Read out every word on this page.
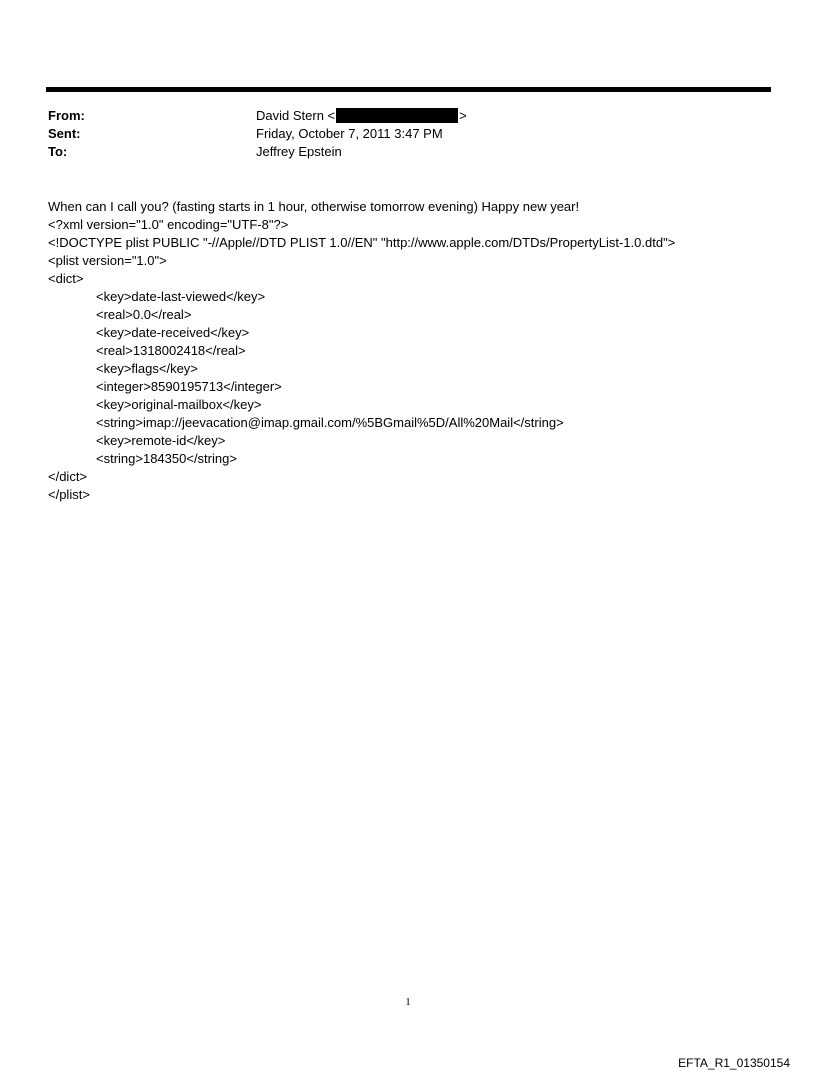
From:	David Stern <	>
Sent:	Friday, October 7, 2011 3:47 PM
To:	Jeffrey Epstein
When can I call you? (fasting starts in 1 hour, otherwise tomorrow evening) Happy new year!
<?xml version="1.0" encoding="UTF-8"?>
<!DOCTYPE plist PUBLIC "-//Apple//DTD PLIST 1.0//EN" "http://www.apple.com/DTDs/PropertyList-1.0.dtd">
<plist version="1.0">
<dict>
<key>date-last-viewed</key>
<real>0.0</real>
<key>date-received</key>
<real>1318002418</real>
<key>flags</key>
<integer>8590195713</integer>
<key>original-mailbox</key>
<string>imap://jeevacation@imap.gmail.com/%5BGmail%5D/All%20Mail</string>
<key>remote-id</key>
<string>184350</string>
</dict>
</plist>
1
EFTA_R1_01350154
